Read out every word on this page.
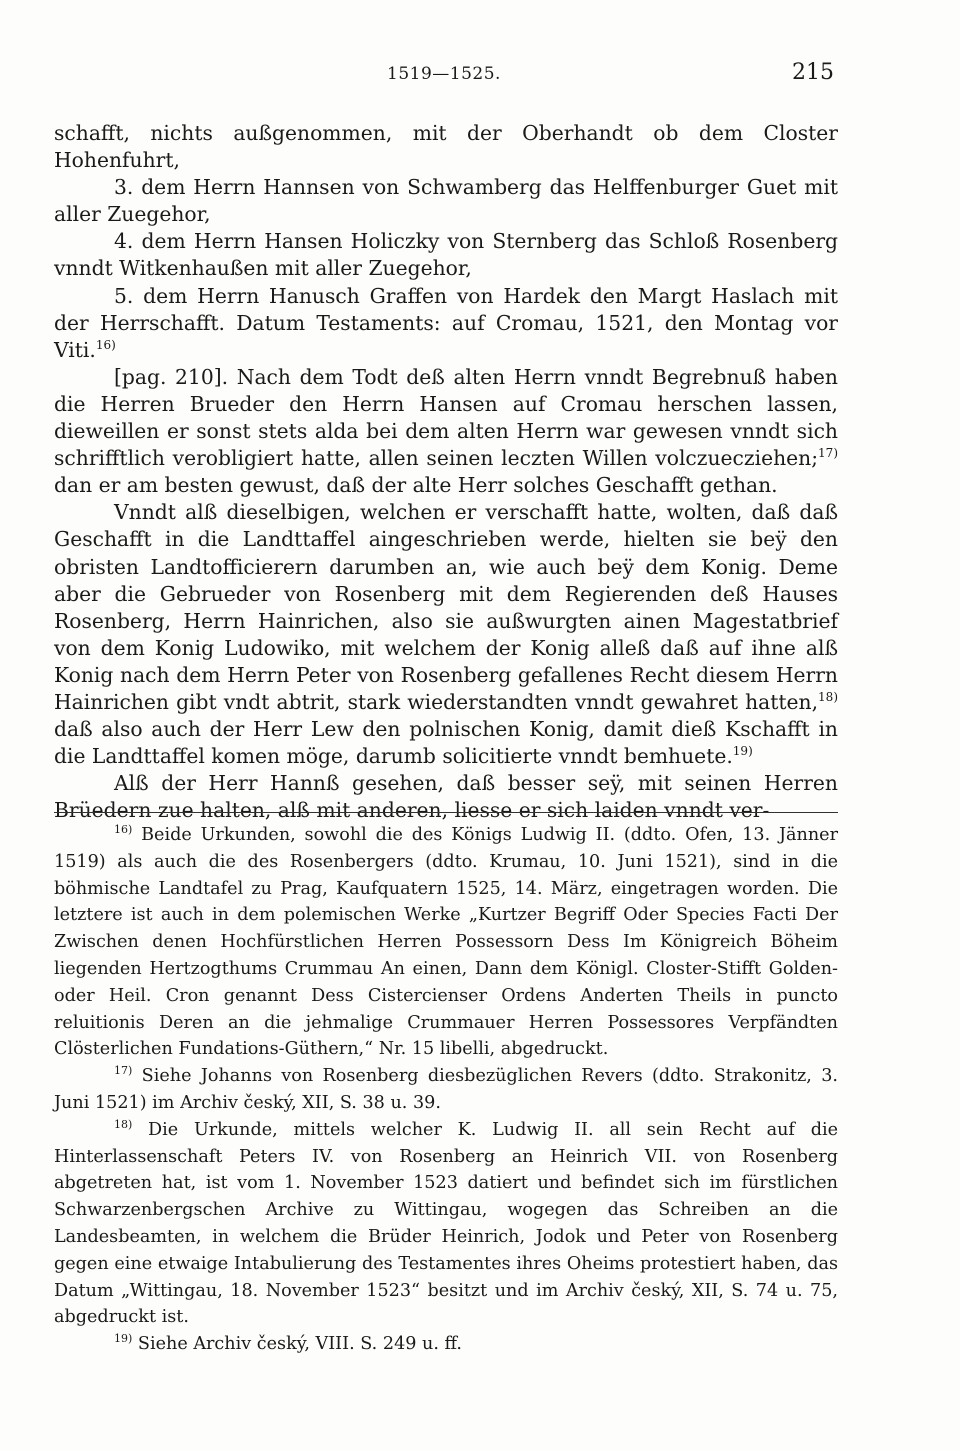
1519—1525.	215

schafft, nichts außgenommen, mit der Oberhandt ob dem Closter Hohenfuhrt,

3. dem Herrn Hannsen von Schwamberg das Helffenburger Guet mit aller Zuegehor,

4. dem Herrn Hansen Holiczky von Sternberg das Schloß Rosenberg vnndt Witkenhaußen mit aller Zuegehor,

5. dem Herrn Hanusch Graffen von Hardek den Margt Haslach mit der Herrschafft. Datum Testaments: auf Cromau, 1521, den Montag vor Viti.$^{16)}$

[pag. 210]. Nach dem Todt deß alten Herrn vnndt Begrebnuß haben die Herren Brueder den Herrn Hansen auf Cromau herschen lassen, dieweillen er sonst stets alda bei dem alten Herrn war gewesen vnndt sich schrifftlich verobligiert hatte, allen seinen leczten Willen volczuecziehen;$^{17)}$ dan er am besten gewust, daß der alte Herr solches Geschafft gethan.

Vnndt alß dieselbigen, welchen er verschafft hatte, wolten, daß daß Geschafft in die Landttaffel aingeschrieben werde, hielten sie beÿ den obristen Landtofficierern darumben an, wie auch beÿ dem Konig. Deme aber die Gebrueder von Rosenberg mit dem Regierenden deß Hauses Rosenberg, Herrn Hainrichen, also sie außwurgten ainen Magestatbrief von dem Konig Ludowiko, mit welchem der Konig alleß daß auf ihne alß Konig nach dem Herrn Peter von Rosenberg gefallenes Recht diesem Herrn Hainrichen gibt vndt abtrit, stark wiederstandten vnndt gewahret hatten,$^{18)}$ daß also auch der Herr Lew den polnischen Konig, damit dieß Kschafft in die Landttaffel komen möge, darumb solicitierte vnndt bemhuete.$^{19)}$

Alß der Herr Hannß gesehen, daß besser seÿ, mit seinen Herren Brüedern zue halten, alß mit anderen, liesse er sich laiden vnndt ver-

$^{16)}$ Beide Urkunden, sowohl die des Königs Ludwig II. (ddto. Ofen, 13. Jänner 1519) als auch die des Rosenbergers (ddto. Krumau, 10. Juni 1521), sind in die böhmische Landtafel zu Prag, Kaufquatern 1525, 14. März, eingetragen worden. Die letztere ist auch in dem polemischen Werke „Kurtzer Begriff Oder Species Facti Der Zwischen denen Hochfürstlichen Herren Possessorn Dess Im Königreich Böheim liegenden Hertzogthums Crummau An einen, Dann dem Königl. Closter-Stifft Golden- oder Heil. Cron genannt Dess Cistercienser Ordens Anderten Theils in puncto reluitionis Deren an die jehmalige Crummauer Herren Possessores Verpfändten Clösterlichen Fundations-Güthern,“ Nr. 15 libelli, abgedruckt.

$^{17)}$ Siehe Johanns von Rosenberg diesbezüglichen Revers (ddto. Strakonitz, 3. Juni 1521) im Archiv český, XII, S. 38 u. 39.

$^{18)}$ Die Urkunde, mittels welcher K. Ludwig II. all sein Recht auf die Hinterlassenschaft Peters IV. von Rosenberg an Heinrich VII. von Rosenberg abgetreten hat, ist vom 1. November 1523 datiert und befindet sich im fürstlichen Schwarzenbergschen Archive zu Wittingau, wogegen das Schreiben an die Landesbeamten, in welchem die Brüder Heinrich, Jodok und Peter von Rosenberg gegen eine etwaige Intabulierung des Testamentes ihres Oheims protestiert haben, das Datum „Wittingau, 18. November 1523“ besitzt und im Archiv český, XII, S. 74 u. 75, abgedruckt ist.

$^{19)}$ Siehe Archiv český, VIII. S. 249 u. ff.
